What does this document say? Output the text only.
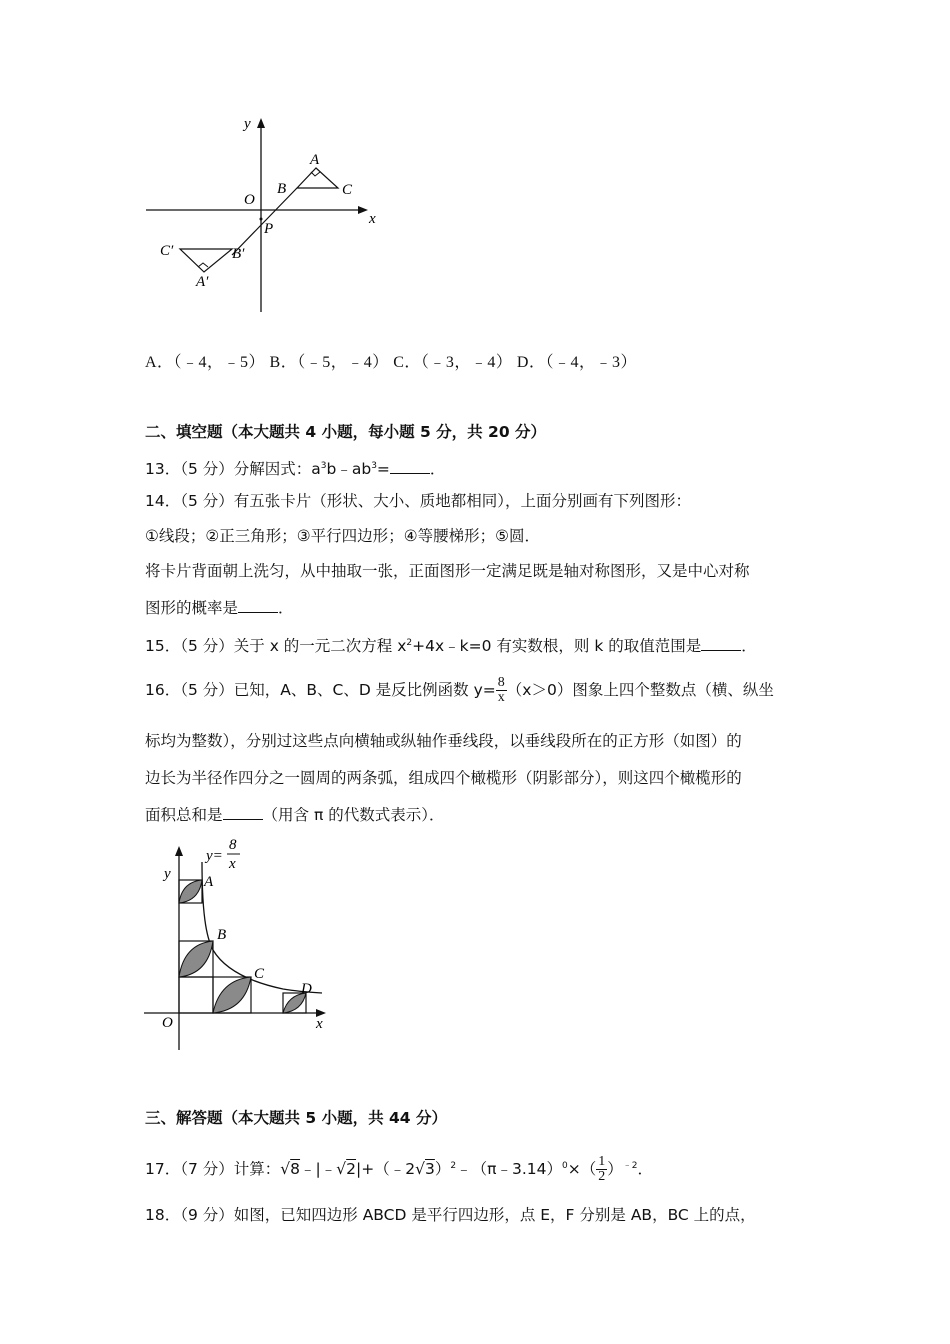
y
x
O
P
A
B	C
C′	B′
A′
A．（﹣4，﹣5） B．（﹣5，﹣4） C．（﹣3，﹣4） D．（﹣4，﹣3）
二、填空题（本大题共 4 小题，每小题 5 分，共 20 分）
13．（5 分）分解因式：$a^3b﹣ab^3=$	．
14．（5 分）有五张卡片（形状、大小、质地都相同），上面分别画有下列图形：
①线段；②正三角形；③平行四边形；④等腰梯形；⑤圆．
将卡片背面朝上洗匀，从中抽取一张，正面图形一定满足既是轴对称图形，又是中心对称
图形的概率是	．
15．（5 分）关于 x 的一元二次方程 $x^2+4x﹣k=0$ 有实数根，则 k 的取值范围是	．
16．（5 分）已知，A、B、C、D 是反比例函数 $y= \frac{8}{x} (x>0)$图象上四个整数点（横、纵坐
标均为整数），分别过这些点向横轴或纵轴作垂线段，以垂线段所在的正方形（如图）的
边长为半径作四分之一圆周的两条弧，组成四个橄榄形（阴影部分），则这四个橄榄形的
面积总和是	（用含 π 的代数式表示）．
y
x
O
A
B
C
D
y=
8
x
三、解答题（本大题共 5 小题，共 44 分）
17．（7 分）计算：√8﹣|﹣√2|+（﹣2√3）$^2$﹣（π﹣3.14）$^0$×（ $\frac{1}{2} )^{﹣2}$．
18．（9 分）如图，已知四边形 ABCD 是平行四边形，点 E，F 分别是 AB，BC 上的点，
